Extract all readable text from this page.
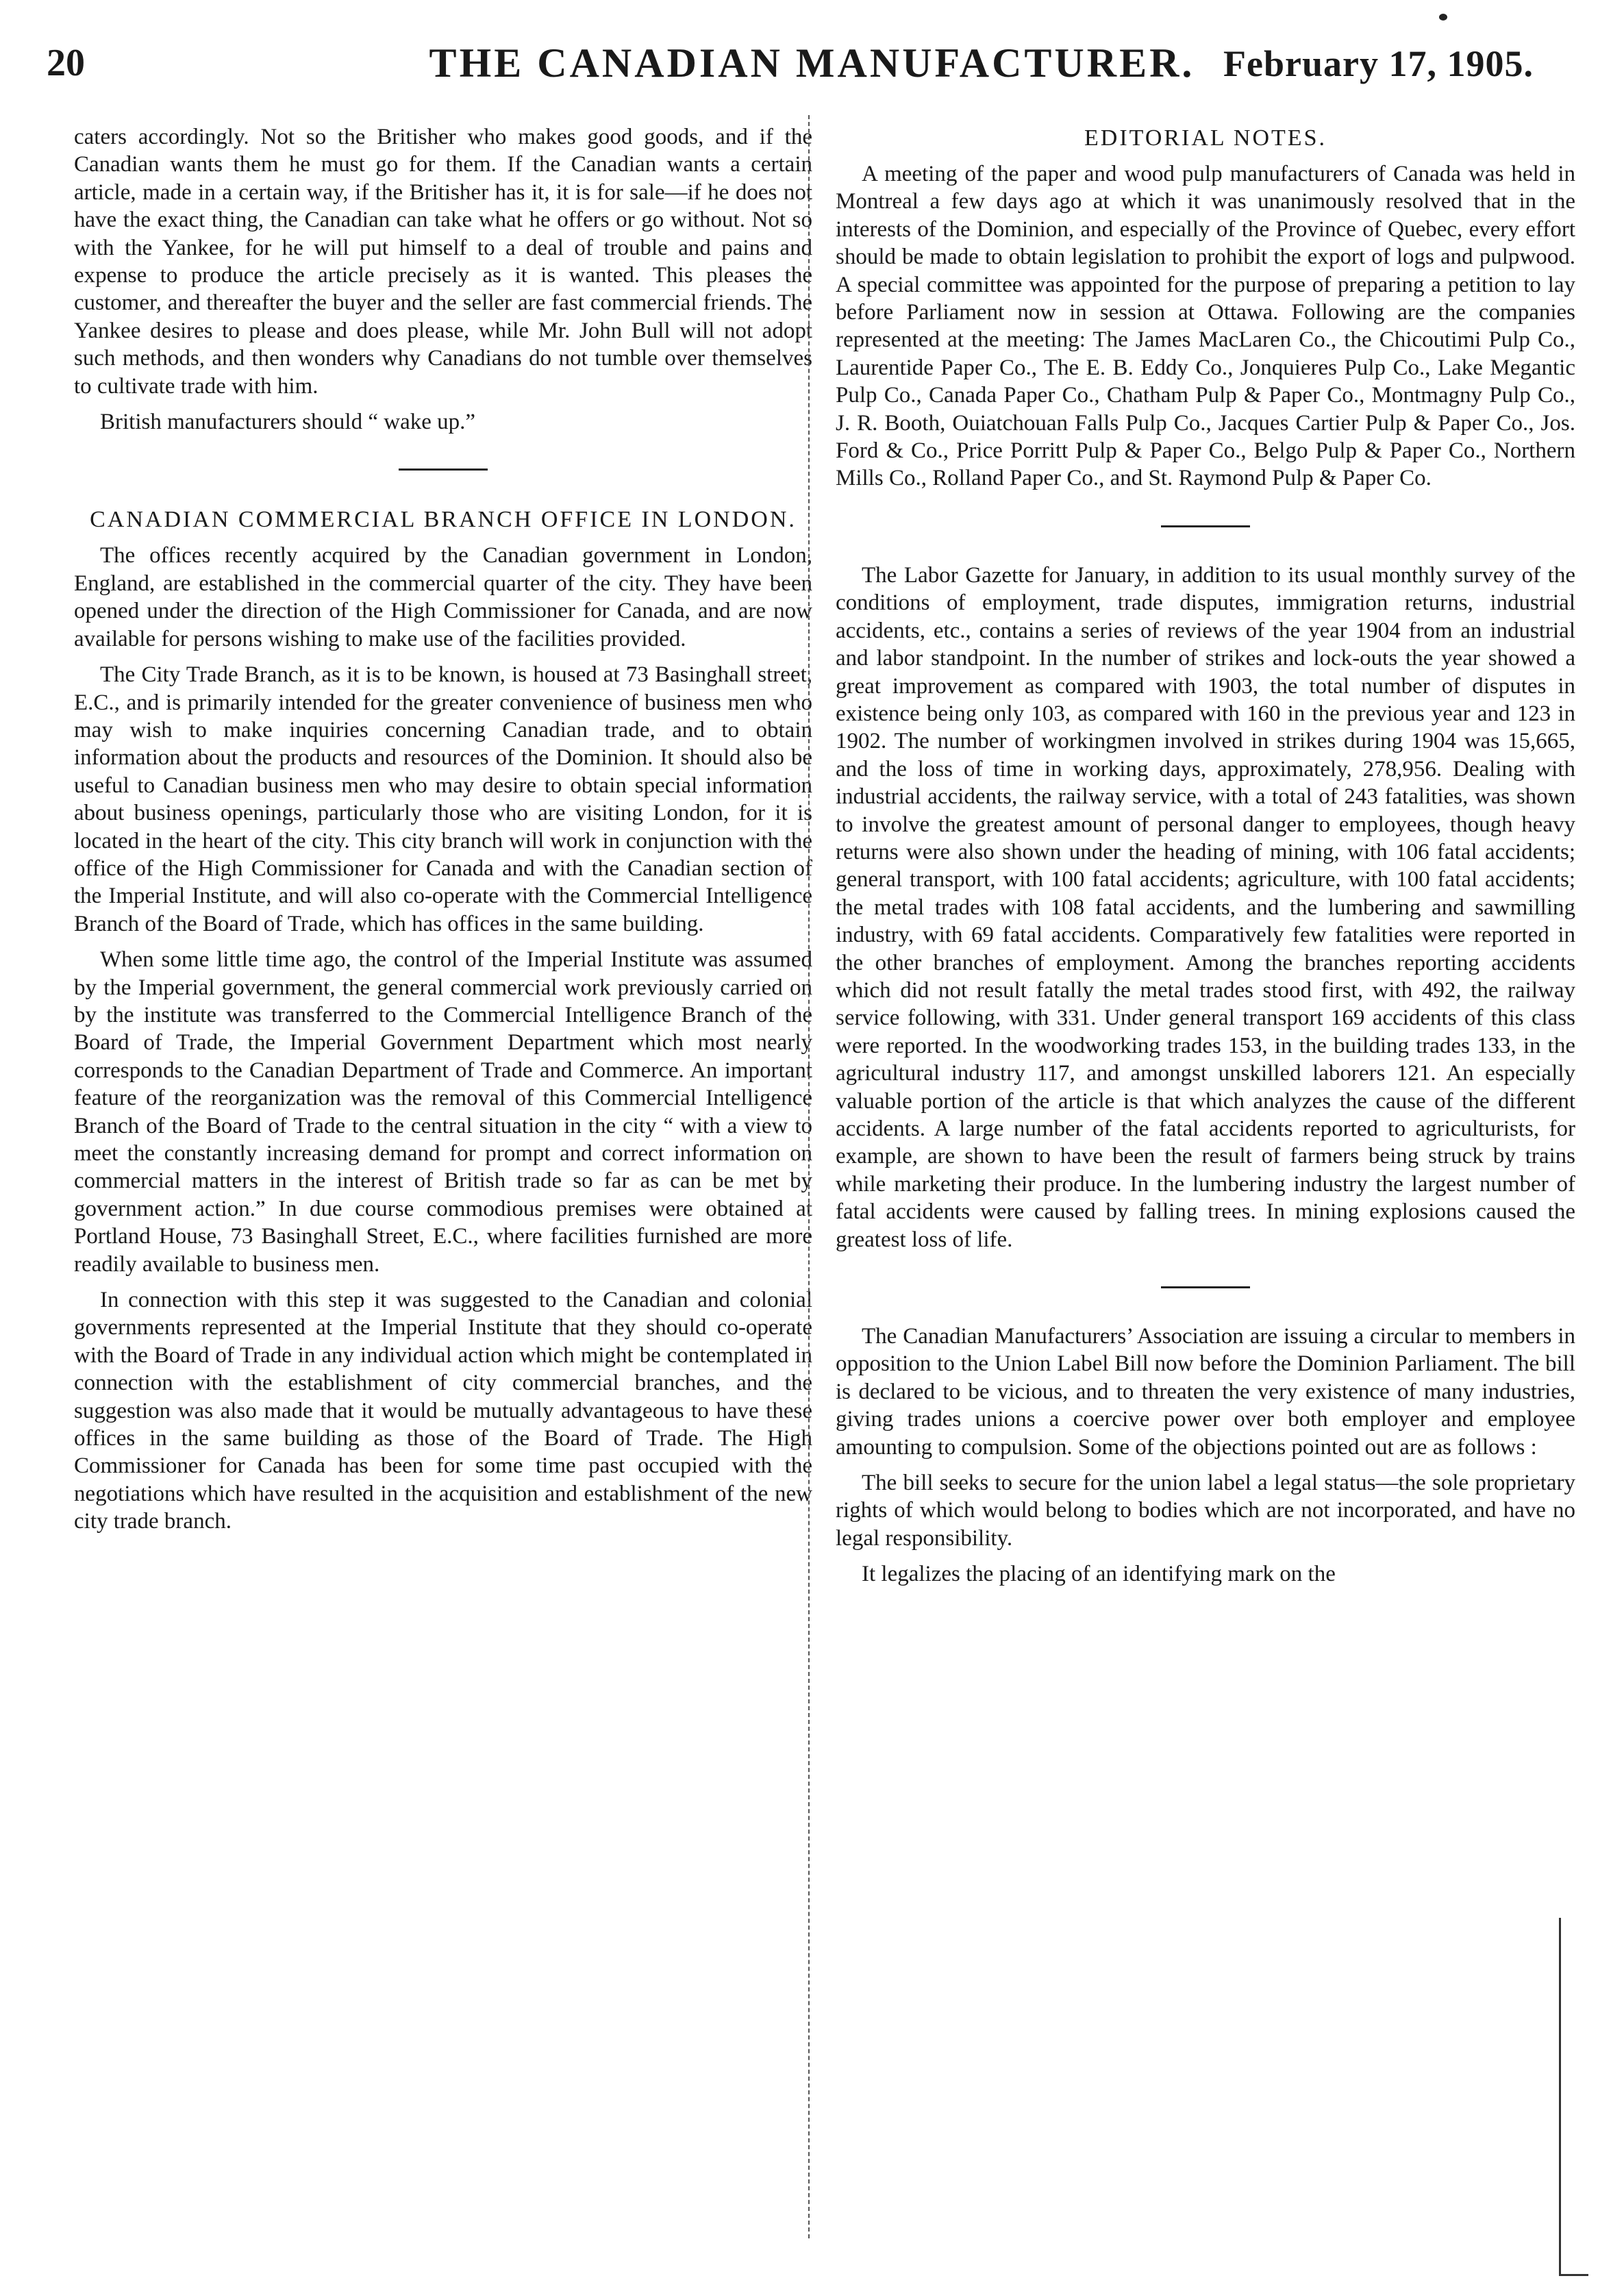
20	THE CANADIAN MANUFACTURER. February 17, 1905.

caters accordingly. Not so the Britisher who makes good goods, and if the Canadian wants them he must go for them. If the Canadian wants a certain article, made in a certain way, if the Britisher has it, it is for sale—if he does not have the exact thing, the Canadian can take what he offers or go without. Not so with the Yankee, for he will put himself to a deal of trouble and pains and expense to produce the article precisely as it is wanted. This pleases the customer, and thereafter the buyer and the seller are fast commercial friends. The Yankee desires to please and does please, while Mr. John Bull will not adopt such methods, and then wonders why Canadians do not tumble over themselves to cultivate trade with him.

British manufacturers should “ wake up.”

CANADIAN COMMERCIAL BRANCH OFFICE IN LONDON.

The offices recently acquired by the Canadian government in London, England, are established in the commercial quarter of the city. They have been opened under the direction of the High Commissioner for Canada, and are now available for persons wishing to make use of the facilities provided.

The City Trade Branch, as it is to be known, is housed at 73 Basinghall street, E.C., and is primarily intended for the greater convenience of business men who may wish to make inquiries concerning Canadian trade, and to obtain information about the products and resources of the Dominion. It should also be useful to Canadian business men who may desire to obtain special information about business openings, particularly those who are visiting London, for it is located in the heart of the city. This city branch will work in conjunction with the office of the High Commissioner for Canada and with the Canadian section of the Imperial Institute, and will also co-operate with the Commercial Intelligence Branch of the Board of Trade, which has offices in the same building.

When some little time ago, the control of the Imperial Institute was assumed by the Imperial government, the general commercial work previously carried on by the institute was transferred to the Commercial Intelligence Branch of the Board of Trade, the Imperial Government Department which most nearly corresponds to the Canadian Department of Trade and Commerce. An important feature of the reorganization was the removal of this Commercial Intelligence Branch of the Board of Trade to the central situation in the city “ with a view to meet the constantly increasing demand for prompt and correct information on commercial matters in the interest of British trade so far as can be met by government action.” In due course commodious premises were obtained at Portland House, 73 Basinghall Street, E.C., where facilities furnished are more readily available to business men.

In connection with this step it was suggested to the Canadian and colonial governments represented at the Imperial Institute that they should co-operate with the Board of Trade in any individual action which might be contemplated in connection with the establishment of city commercial branches, and the suggestion was also made that it would be mutually advantageous to have these offices in the same building as those of the Board of Trade. The High Commissioner for Canada has been for some time past occupied with the negotiations which have resulted in the acquisition and establishment of the new city trade branch.

EDITORIAL NOTES.

A meeting of the paper and wood pulp manufacturers of Canada was held in Montreal a few days ago at which it was unanimously resolved that in the interests of the Dominion, and especially of the Province of Quebec, every effort should be made to obtain legislation to prohibit the export of logs and pulpwood. A special committee was appointed for the purpose of preparing a petition to lay before Parliament now in session at Ottawa. Following are the companies represented at the meeting: The James MacLaren Co., the Chicoutimi Pulp Co., Laurentide Paper Co., The E. B. Eddy Co., Jonquieres Pulp Co., Lake Megantic Pulp Co., Canada Paper Co., Chatham Pulp & Paper Co., Montmagny Pulp Co., J. R. Booth, Ouiatchouan Falls Pulp Co., Jacques Cartier Pulp & Paper Co., Jos. Ford & Co., Price Porritt Pulp & Paper Co., Belgo Pulp & Paper Co., Northern Mills Co., Rolland Paper Co., and St. Raymond Pulp & Paper Co.

The Labor Gazette for January, in addition to its usual monthly survey of the conditions of employment, trade disputes, immigration returns, industrial accidents, etc., contains a series of reviews of the year 1904 from an industrial and labor standpoint. In the number of strikes and lock-outs the year showed a great improvement as compared with 1903, the total number of disputes in existence being only 103, as compared with 160 in the previous year and 123 in 1902. The number of workingmen involved in strikes during 1904 was 15,665, and the loss of time in working days, approximately, 278,956. Dealing with industrial accidents, the railway service, with a total of 243 fatalities, was shown to involve the greatest amount of personal danger to employees, though heavy returns were also shown under the heading of mining, with 106 fatal accidents; general transport, with 100 fatal accidents; agriculture, with 100 fatal accidents; the metal trades with 108 fatal accidents, and the lumbering and sawmilling industry, with 69 fatal accidents. Comparatively few fatalities were reported in the other branches of employment. Among the branches reporting accidents which did not result fatally the metal trades stood first, with 492, the railway service following, with 331. Under general transport 169 accidents of this class were reported. In the woodworking trades 153, in the building trades 133, in the agricultural industry 117, and amongst unskilled laborers 121. An especially valuable portion of the article is that which analyzes the cause of the different accidents. A large number of the fatal accidents reported to agriculturists, for example, are shown to have been the result of farmers being struck by trains while marketing their produce. In the lumbering industry the largest number of fatal accidents were caused by falling trees. In mining explosions caused the greatest loss of life.

The Canadian Manufacturers’ Association are issuing a circular to members in opposition to the Union Label Bill now before the Dominion Parliament. The bill is declared to be vicious, and to threaten the very existence of many industries, giving trades unions a coercive power over both employer and employee amounting to compulsion. Some of the objections pointed out are as follows :

The bill seeks to secure for the union label a legal status—the sole proprietary rights of which would belong to bodies which are not incorporated, and have no legal responsibility.

It legalizes the placing of an identifying mark on the
